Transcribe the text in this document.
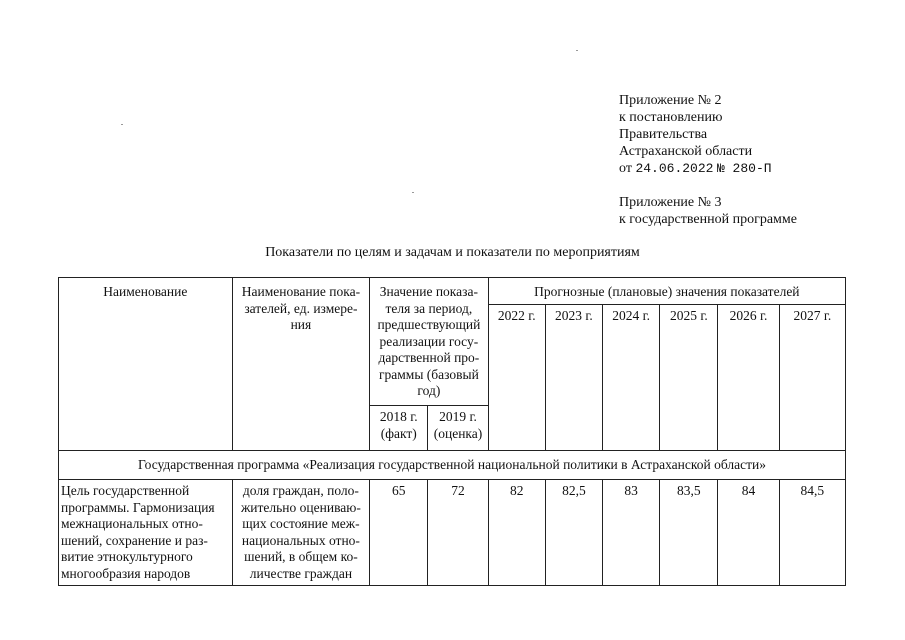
Приложение № 2
к постановлению
Правительства
Астраханской области
от 24.06.2022 № 280-П
Приложение № 3
к государственной программе
Показатели по целям и задачам и показатели по мероприятиям
Наименование	Наименование пока-зателей, ед. измере-ния	Значение показа-теля за период, предшествующий реализации госу-дарственной про-граммы (базовый год)		Прогнозные (плановые) значения показателей					
				2022 г.	2023 г.	2024 г.	2025 г.	2026 г.	2027 г.
		2018 г. (факт)	2019 г. (оценка)						
Государственная программа «Реализация государственной национальной политики в Астраханской области»									
Цель государственной программы. Гармонизация межнациональных отно-шений, сохранение и раз-витие этнокультурного многообразия народов	доля граждан, поло-жительно оцениваю-щих состояние меж-национальных отно-шений, в общем ко-личестве граждан	65	72	82	82,5	83	83,5	84	84,5
